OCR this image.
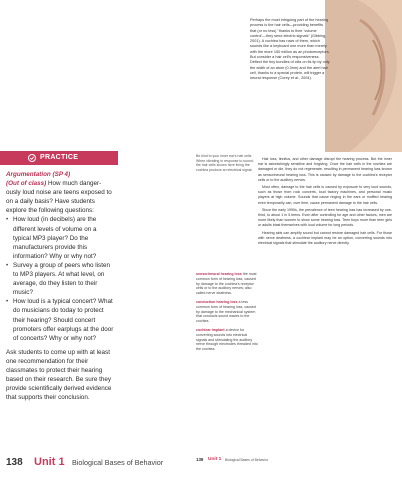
Perhaps the most intriguing part of the hearing process is the hair cells—providing benefits that (or no less) "thanks to their 'volume control'—they send electric signals" (Gibbing, 2001). A cochlea has rows of them, which sounds like a keyboard one more than merely with the more 150 million as an photoreceptors. But consider a hair cell's responsiveness. Deflect the tiny bundles of cilia on its tip by only the width of an atom (0.3nm) and the alert hair cell, thanks to a special protein, will trigger a neural response (Corey et al., 2004).
PRACTICE

Argumentation (SP 4)

(Out of class) How much danger-ously loud noise are teens exposed to on a daily basis? Have students explore the following questions:

• How loud (in decibels) are the different levels of volume on a typical MP3 player? Do the manufacturers provide this information? Why or why not?
• Survey a group of peers who listen to MP3 players. At what level, on average, do they listen to their music?
• How loud is a typical concert? What do musicians do today to protect their hearing? Should concert promoters offer earplugs at the door of concerts? Why or why not?

Ask students to come up with at least one recommendation for their classmates to protect their hearing based on their research. Be sure they provide scientifically derived evidence that supports their conclusion.

Be kind to your inner ear's hair cells When vibrating in response to sound, the hair cells shown here lining the cochlea produce an electrical signal.

Hair loss, tinnitus, and other damage disrupt the hearing process. But the inner ear is astonishingly sensitive and forgiving. Once the hair cells in the cochlea are damaged or die, they do not regenerate, resulting in permanent hearing loss known as sensorineural hearing loss. This is caused by damage to the cochlea's receptor cells or to the auditory nerves.

Most often, damage to the hair cells is caused by exposure to very loud sounds, such as those from rock concerts, loud factory machines, and personal music players at high volume. Sounds that cause ringing in the ears or muffled hearing even temporarily can, over time, cause permanent damage to the hair cells.

Since the early 1990s, the prevalence of teen hearing loss has increased by one-third, to about 1 in 5 teens. Even after controlling for age and other factors, men are more likely than women to show some hearing loss. Teen boys more than teen girls or adults blast themselves with loud volume for long periods.

Hearing aids can amplify sound but cannot restore damaged hair cells. For those with nerve deafness, a cochlear implant may be an option, converting sounds into electrical signals that stimulate the auditory nerve directly.

sensorineural hearing loss the most common form of hearing loss, caused by damage to the cochlea's receptor cells or to the auditory nerves; also called nerve deafness.

conduction hearing loss a less common form of hearing loss, caused by damage to the mechanical system that conducts sound waves to the cochlea.

cochlear implant a device for converting sounds into electrical signals and stimulating the auditory nerve through electrodes threaded into the cochlea.

139 Unit 1 Biological Bases of Behavior
138 Unit 1 Biological Bases of Behavior
